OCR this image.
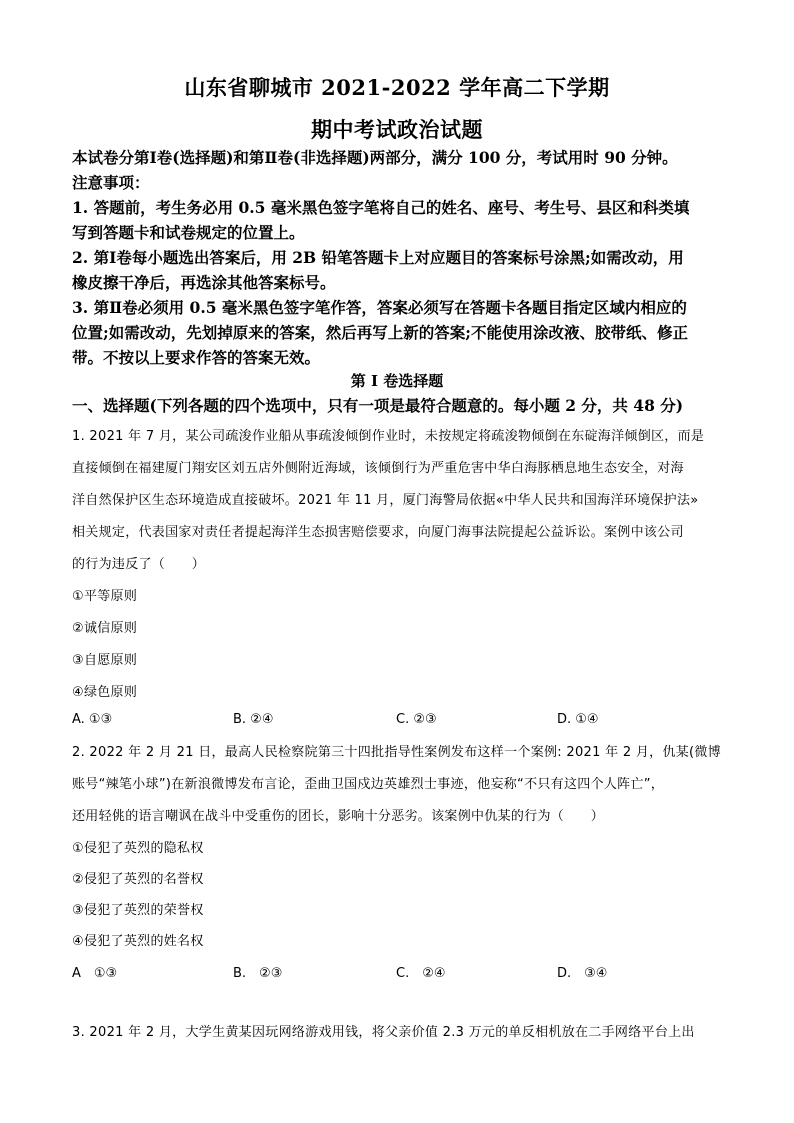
山东省聊城市 2021-2022 学年高二下学期
期中考试政治试题
本试卷分第Ⅰ卷(选择题)和第Ⅱ卷(非选择题)两部分，满分 100 分，考试用时 90 分钟。
注意事项：
1. 答题前，考生务必用 0.5 毫米黑色签字笔将自己的姓名、座号、考生号、县区和科类填
写到答题卡和试卷规定的位置上。
2. 第Ⅰ卷每小题选出答案后，用 2B 铅笔答题卡上对应题目的答案标号涂黑;如需改动，用
橡皮擦干净后，再选涂其他答案标号。
3. 第Ⅱ卷必须用 0.5 毫米黑色签字笔作答，答案必须写在答题卡各题目指定区域内相应的
位置;如需改动，先划掉原来的答案，然后再写上新的答案;不能使用涂改液、胶带纸、修正
带。不按以上要求作答的答案无效。
第 Ⅰ 卷选择题
一、选择题(下列各题的四个选项中，只有一项是最符合题意的。每小题 2 分，共 48 分)
1. 2021 年 7 月，某公司疏浚作业船从事疏浚倾倒作业时，未按规定将疏浚物倾倒在东碇海洋倾倒区，而是
直接倾倒在福建厦门翔安区刘五店外侧附近海域，该倾倒行为严重危害中华白海豚栖息地生态安全，对海
洋自然保护区生态环境造成直接破坏。2021 年 11 月，厦门海警局依据«中华人民共和国海洋环境保护法»
相关规定，代表国家对责任者提起海洋生态损害赔偿要求，向厦门海事法院提起公益诉讼。案例中该公司
的行为违反了（　　）
①平等原则
②诚信原则
③自愿原则
④绿色原则
A. ①③	B. ②④	C. ②③	D. ①④
2. 2022 年 2 月 21 日，最高人民检察院第三十四批指导性案例发布这样一个案例: 2021 年 2 月，仇某(微博
账号“辣笔小球”)在新浪微博发布言论，歪曲卫国戍边英雄烈士事迹，他妄称“不只有这四个人阵亡”，
还用轻佻的语言嘲讽在战斗中受重伤的团长，影响十分恶劣。该案例中仇某的行为（　　）
①侵犯了英烈的隐私权
②侵犯了英烈的名誉权
③侵犯了英烈的荣誉权
④侵犯了英烈的姓名权
A　①③	B.　②③	C.　②④	D.　③④
3. 2021 年 2 月，大学生黄某因玩网络游戏用钱，将父亲价值 2.3 万元的单反相机放在二手网络平台上出
